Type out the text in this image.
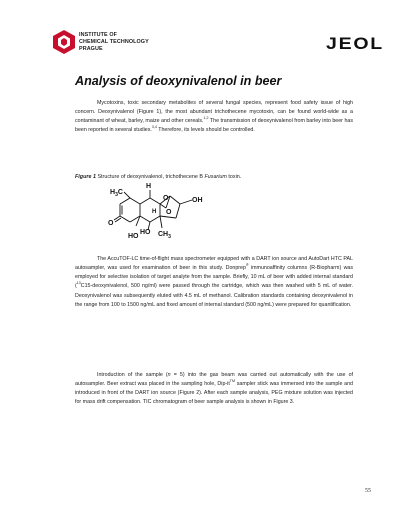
INSTITUTE OF
CHEMICAL TECHNOLOGY
PRAGUE	JEOL
Analysis of deoxynivalenol in beer
Mycotoxins, toxic secondary metabolites of several fungal species, represent food safety issue of high concern. Deoxynivalenol (Figure 1), the most abundant trichothecene mycotoxin, can be found world-wide as a contaminant of wheat, barley, maize and other cereals.$^{1,2}$ The transmission of deoxynivalenol from barley into beer has been reported in several studies.$^{3,4}$ Therefore, its levels should be controlled.
Figure 1 Structure of deoxynivalenol, trichothecene B Fusarium toxin.
$H_3C$
H
O	OH
O
O
H
HO
HO	$CH_3$
The AccuTOF-LC time-of-flight mass spectrometer equipped with a DART ion source and AutoDart HTC PAL autosampler, was used for examination of beer in this study. Donprep® immunoaffinity columns (R-Biopharm) was employed for selective isolation of target analyte from the sample. Briefly, 10 mL of beer with added internal standard ($^{13}$C15-deoxynivalenol, 500 ng/ml) were passed through the cartridge, which was then washed with 5 mL of water. Deoxynivalenol was subsequently eluted with 4.5 mL of methanol. Calibration standards containing deoxynivalenol in the range from 100 to 1500 ng/mL and fixed amount of internal standard (500 ng/mL) were prepared for quantification.
Introduction of the sample (n = 5) into the gas beam was carried out automatically with the use of autosampler. Beer extract was placed in the sampling hole, Dip-it™ sampler stick was immersed into the sample and introduced in front of the DART ion source (Figure 2). After each sample analysis, PEG mixture solution was injected for mass drift compensation. TIC chromatogram of beer sample analysis is shown in Figure 3.
55
